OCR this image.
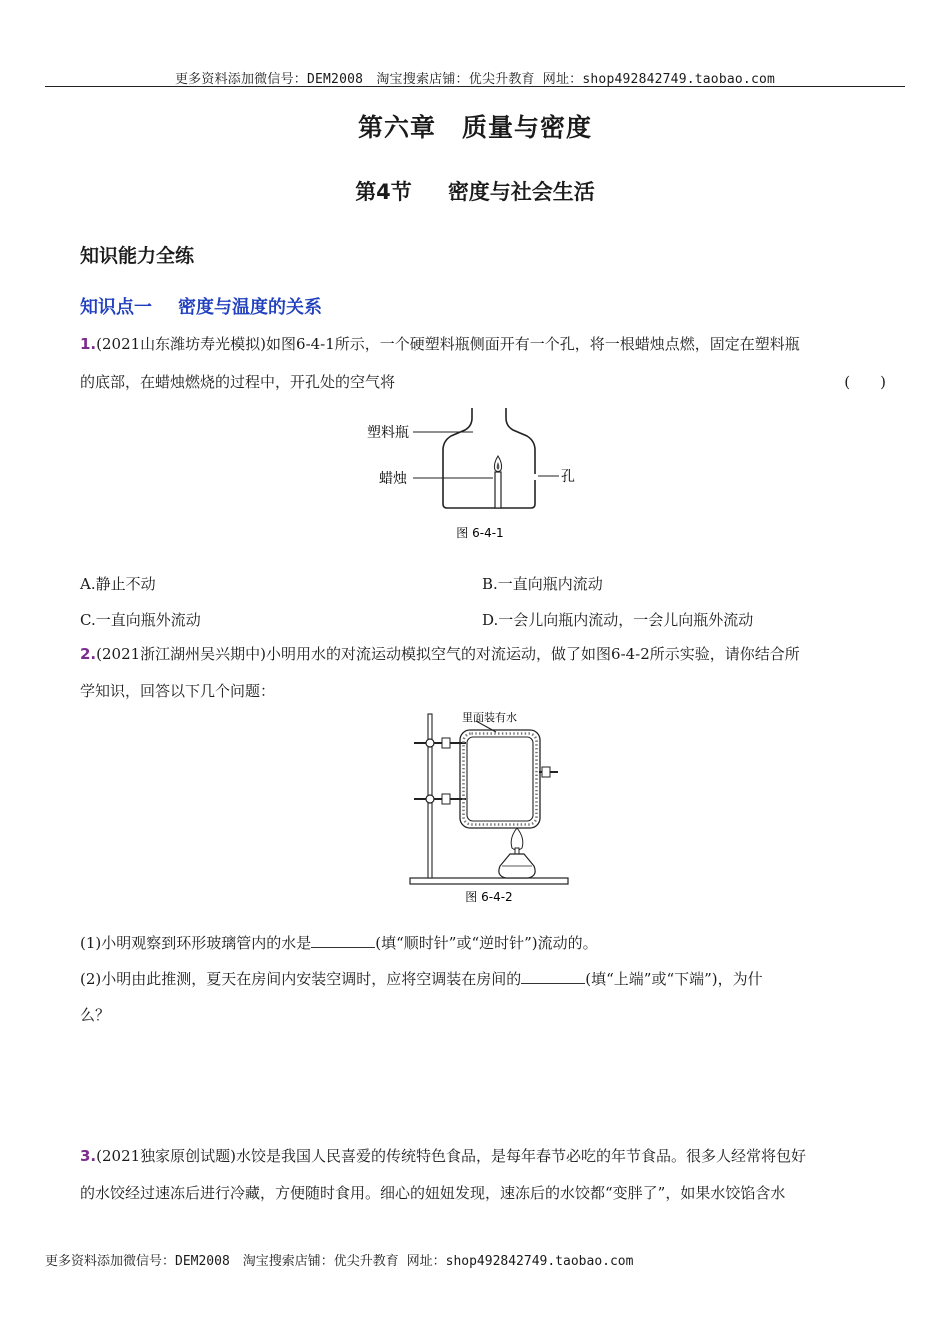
更多资料添加微信号：DEM2008　淘宝搜索店铺：优尖升教育 网址：shop492842749.taobao.com
第六章　质量与密度
第4节 密度与社会生活
知识能力全练
知识点一 密度与温度的关系
1.(2021山东潍坊寿光模拟)如图6-4-1所示，一个硬塑料瓶侧面开有一个孔，将一根蜡烛点燃，固定在塑料瓶
的底部，在蜡烛燃烧的过程中，开孔处的空气将	(　　)
塑料瓶
蜡烛	孔
图 6-4-1
A.静止不动	B.一直向瓶内流动
C.一直向瓶外流动	D.一会儿向瓶内流动，一会儿向瓶外流动
2.(2021浙江湖州吴兴期中)小明用水的对流运动模拟空气的对流运动，做了如图6-4-2所示实验，请你结合所
学知识，回答以下几个问题：
里面装有水
图 6-4-2
(1)小明观察到环形玻璃管内的水是	(填“顺时针”或“逆时针”)流动的。
(2)小明由此推测，夏天在房间内安装空调时，应将空调装在房间的	(填“上端”或“下端”)，为什
么？
3.(2021独家原创试题)水饺是我国人民喜爱的传统特色食品，是每年春节必吃的年节食品。很多人经常将包好
的水饺经过速冻后进行冷藏，方便随时食用。细心的妞妞发现，速冻后的水饺都“变胖了”，如果水饺馅含水
更多资料添加微信号：DEM2008　淘宝搜索店铺：优尖升教育 网址：shop492842749.taobao.com
